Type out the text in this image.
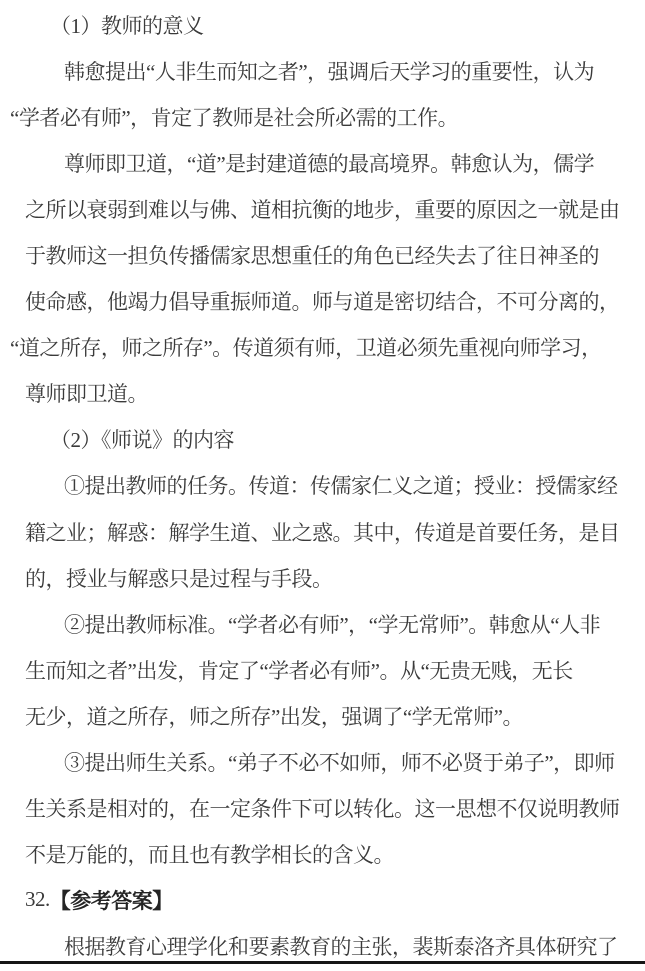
（1）教师的意义
韩愈提出“人非生而知之者”，强调后天学习的重要性，认为
“学者必有师”，肯定了教师是社会所必需的工作。
尊师即卫道，“道”是封建道德的最高境界。韩愈认为，儒学
之所以衰弱到难以与佛、道相抗衡的地步，重要的原因之一就是由
于教师这一担负传播儒家思想重任的角色已经失去了往日神圣的
使命感，他竭力倡导重振师道。师与道是密切结合，不可分离的，
“道之所存，师之所存”。传道须有师，卫道必须先重视向师学习，
尊师即卫道。
（2）《师说》的内容
①提出教师的任务。传道：传儒家仁义之道；授业：授儒家经
籍之业；解惑：解学生道、业之惑。其中，传道是首要任务，是目
的，授业与解惑只是过程与手段。
②提出教师标准。“学者必有师”，“学无常师”。韩愈从“人非
生而知之者”出发，肯定了“学者必有师”。从“无贵无贱，无长
无少，道之所存，师之所存”出发，强调了“学无常师”。
③提出师生关系。“弟子不必不如师，师不必贤于弟子”，即师
生关系是相对的，在一定条件下可以转化。这一思想不仅说明教师
不是万能的，而且也有教学相长的含义。
32. 【参考答案】
根据教育心理学化和要素教育的主张，裴斯泰洛齐具体研究了
